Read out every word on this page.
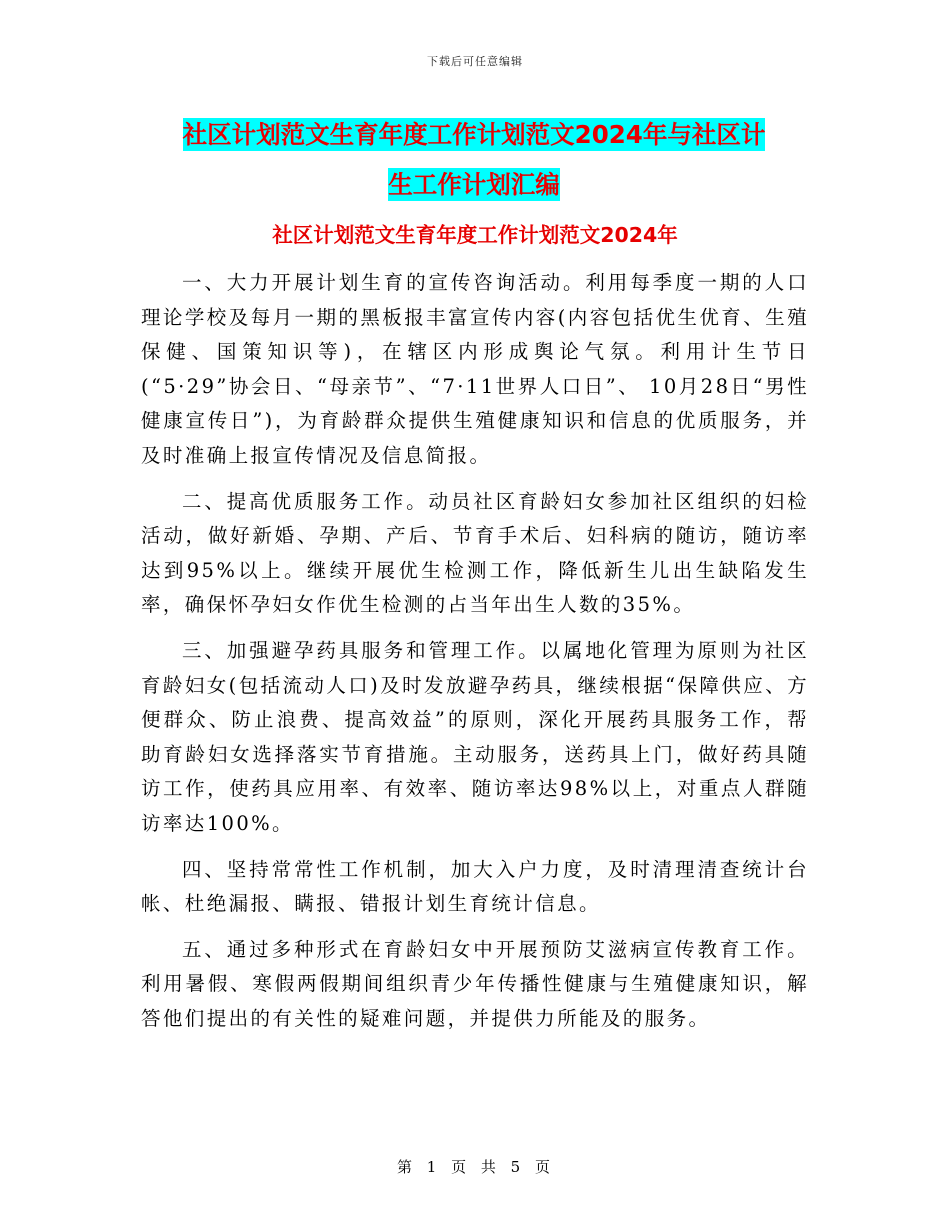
下载后可任意编辑
社区计划范文生育年度工作计划范文2024年与社区计
生工作计划汇编
社区计划范文生育年度工作计划范文2024年

一、大力开展计划生育的宣传咨询活动。利用每季度一期的人口理论学校及每月一期的黑板报丰富宣传内容(内容包括优生优育、生殖保健、国策知识等)，在辖区内形成舆论气氛。利用计生节日(“5·29”协会日、“母亲节”、“7·11世界人口日”、 10月28日“男性健康宣传日”)，为育龄群众提供生殖健康知识和信息的优质服务，并及时准确上报宣传情况及信息简报。

二、提高优质服务工作。动员社区育龄妇女参加社区组织的妇检活动，做好新婚、孕期、产后、节育手术后、妇科病的随访，随访率达到95%以上。继续开展优生检测工作，降低新生儿出生缺陷发生率，确保怀孕妇女作优生检测的占当年出生人数的35%。

三、加强避孕药具服务和管理工作。以属地化管理为原则为社区育龄妇女(包括流动人口)及时发放避孕药具，继续根据“保障供应、方便群众、防止浪费、提高效益”的原则，深化开展药具服务工作，帮助育龄妇女选择落实节育措施。主动服务，送药具上门，做好药具随访工作，使药具应用率、有效率、随访率达98%以上，对重点人群随访率达100%。

四、坚持常常性工作机制，加大入户力度，及时清理清查统计台帐、杜绝漏报、瞒报、错报计划生育统计信息。

五、通过多种形式在育龄妇女中开展预防艾滋病宣传教育工作。利用暑假、寒假两假期间组织青少年传播性健康与生殖健康知识，解答他们提出的有关性的疑难问题，并提供力所能及的服务。

第 1 页 共 5 页
